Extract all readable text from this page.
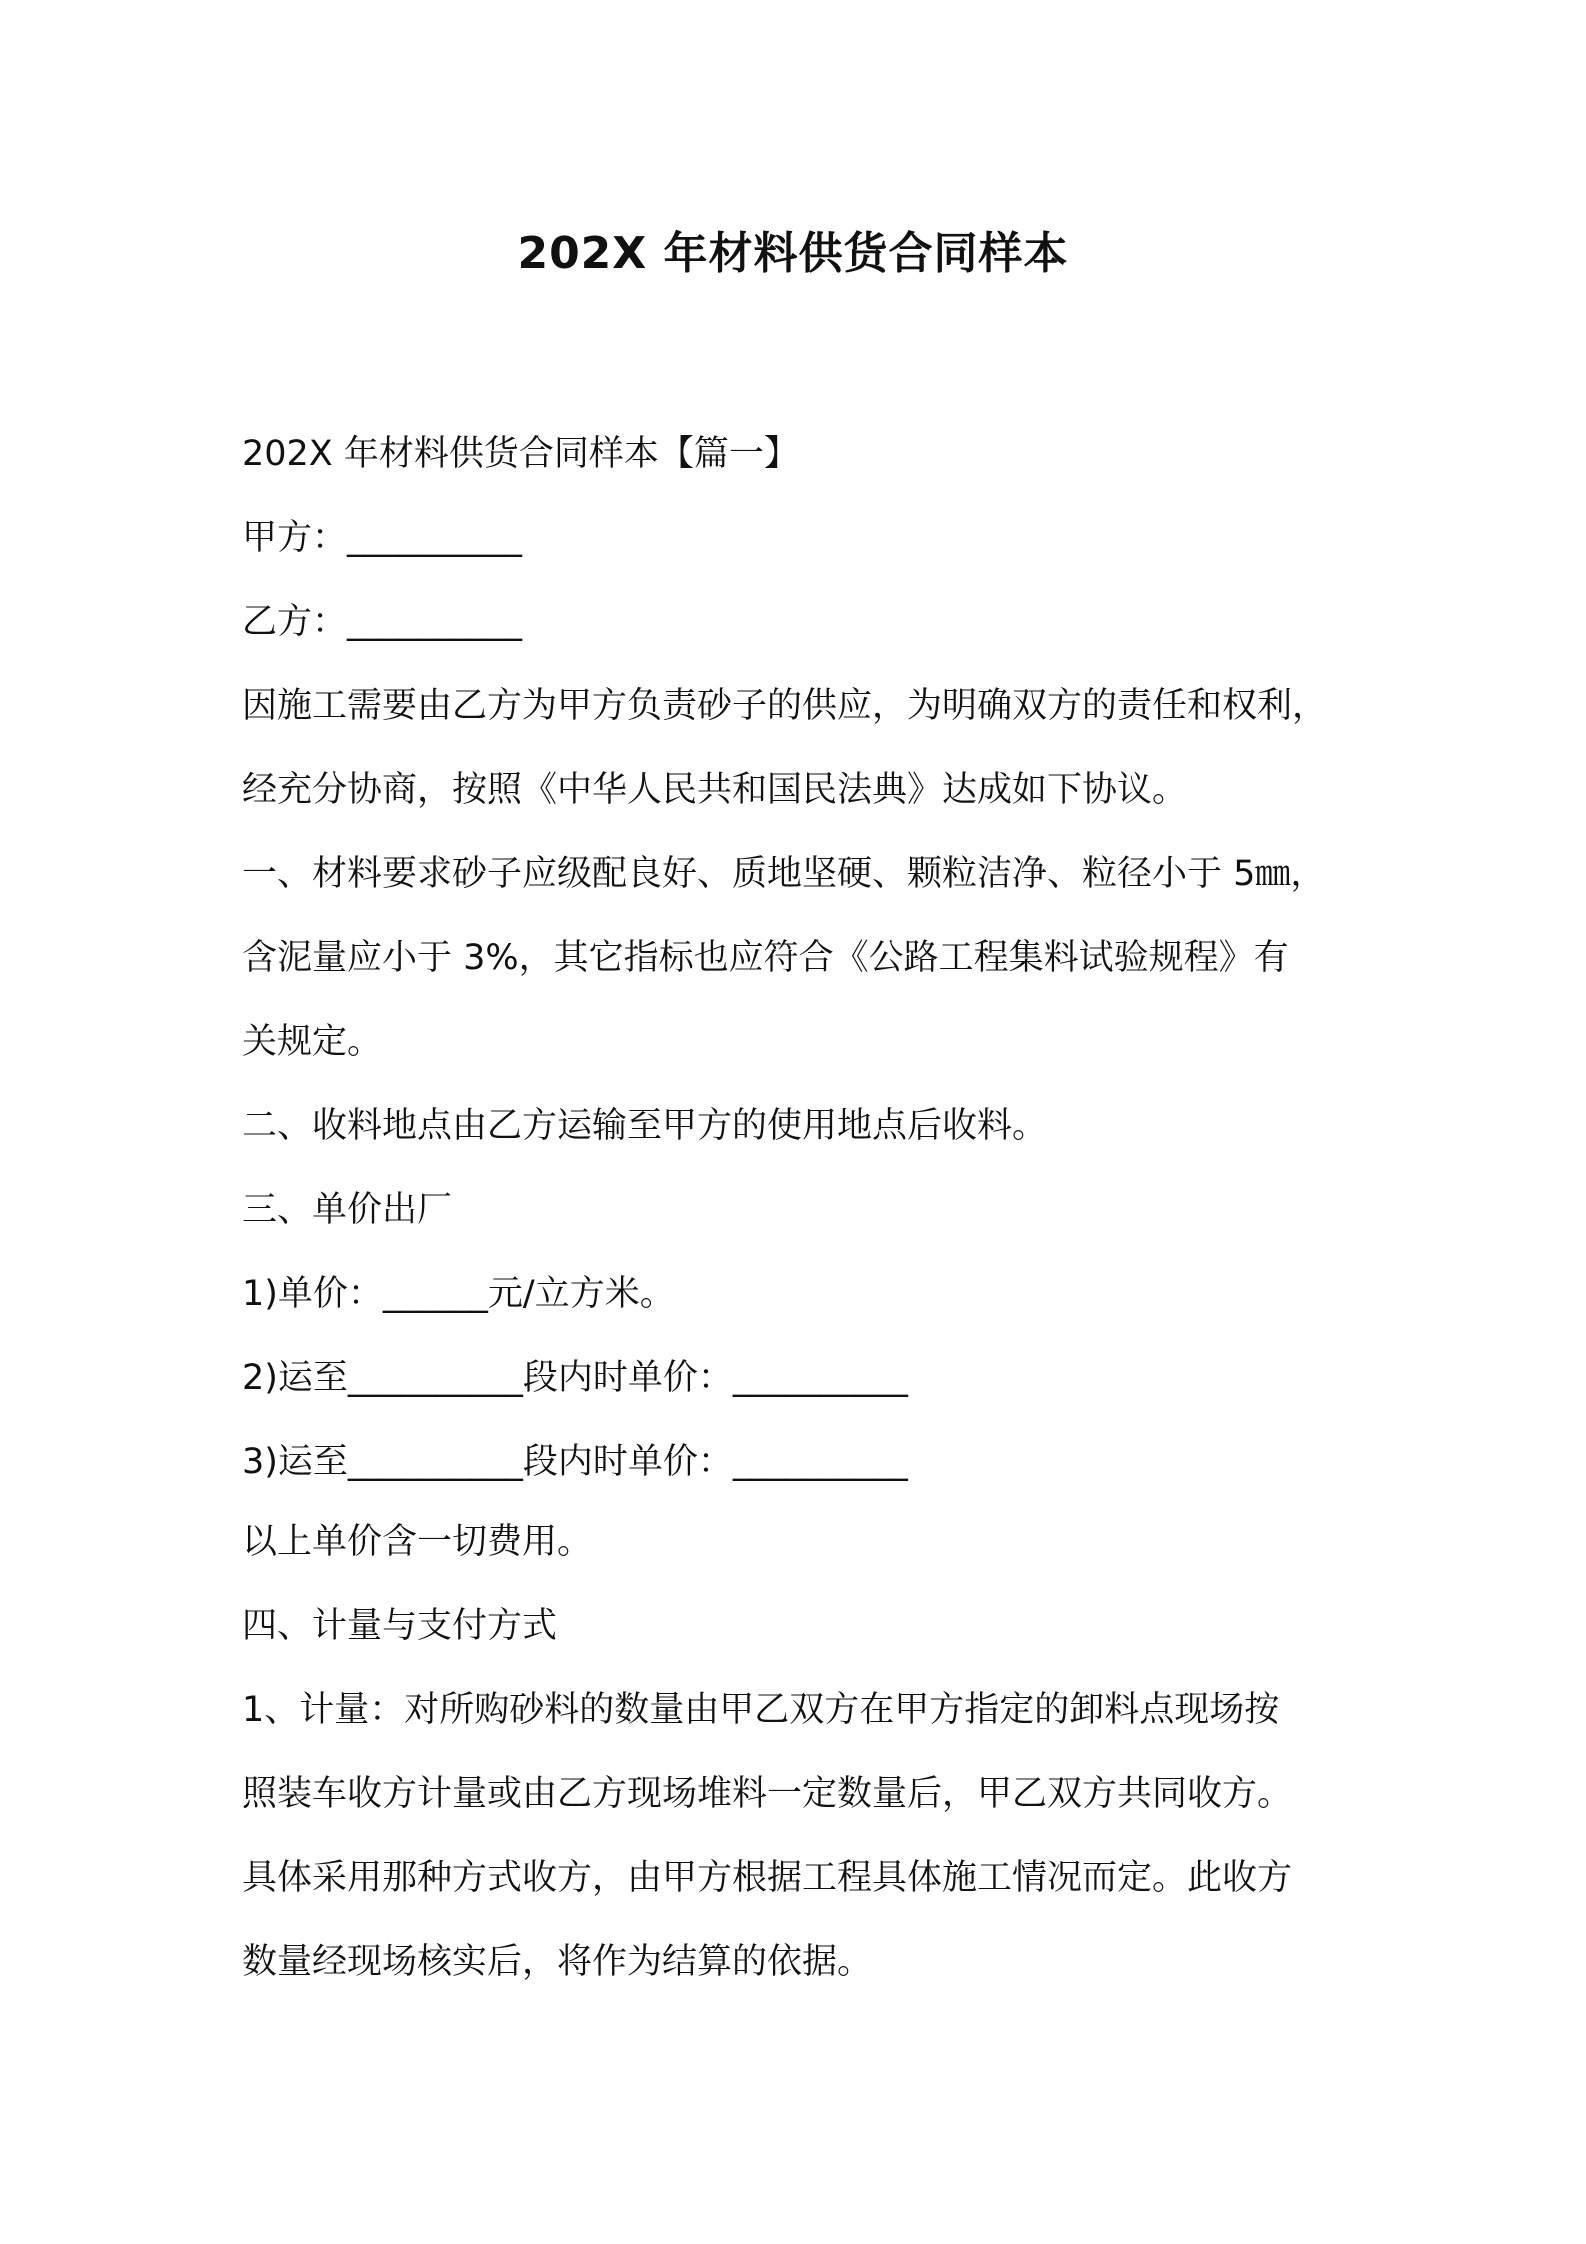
202X 年材料供货合同样本

202X 年材料供货合同样本【篇一】

甲方：__________

乙方：__________

因施工需要由乙方为甲方负责砂子的供应，为明确双方的责任和权利，

经充分协商，按照《中华人民共和国民法典》达成如下协议。

一、材料要求砂子应级配良好、质地坚硬、颗粒洁净、粒径小于 5㎜，

含泥量应小于 3%，其它指标也应符合《公路工程集料试验规程》有

关规定。

二、收料地点由乙方运输至甲方的使用地点后收料。

三、单价出厂

1)单价：______元/立方米。

2)运至__________段内时单价：__________

3)运至__________段内时单价：__________

以上单价含一切费用。

四、计量与支付方式

1、计量：对所购砂料的数量由甲乙双方在甲方指定的卸料点现场按

照装车收方计量或由乙方现场堆料一定数量后，甲乙双方共同收方。

具体采用那种方式收方，由甲方根据工程具体施工情况而定。此收方

数量经现场核实后，将作为结算的依据。
